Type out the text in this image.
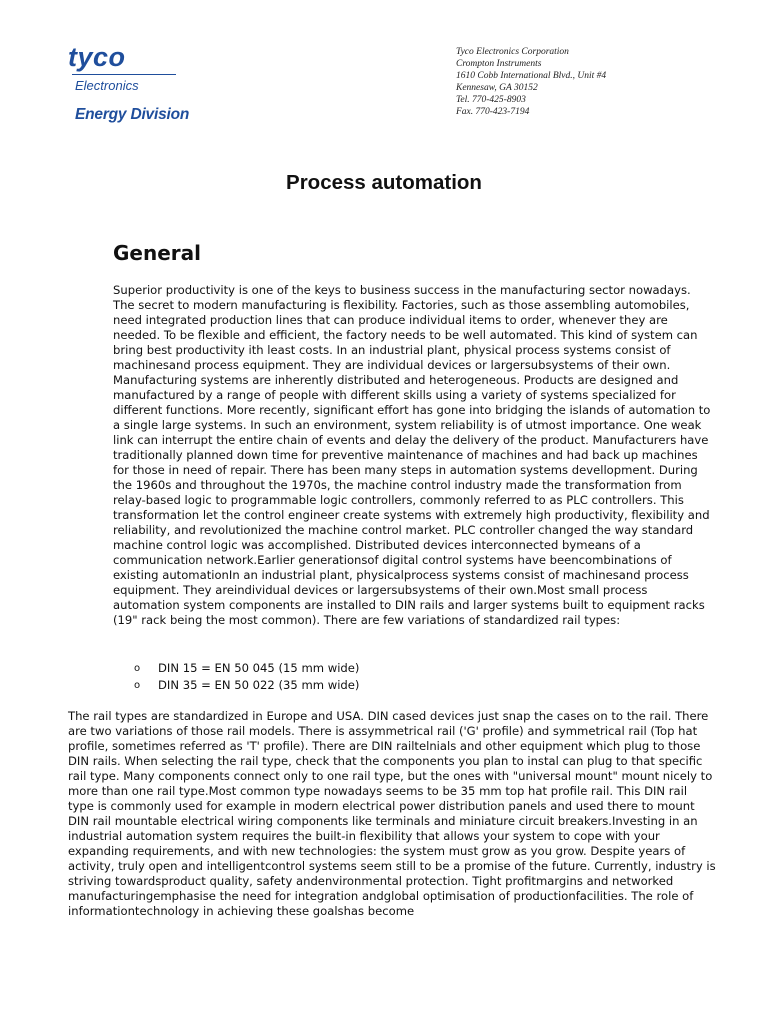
tyco
Electronics
Energy Division
Tyco Electronics Corporation
Crompton Instruments
1610 Cobb International Blvd., Unit #4
Kennesaw, GA 30152
Tel. 770-425-8903
Fax. 770-423-7194
Process automation
General

Superior productivity is one of the keys to business success in the manufacturing sector nowadays. The secret to modern manufacturing is flexibility. Factories, such as those assembling automobiles, need integrated production lines that can produce individual items to order, whenever they are needed. To be flexible and efficient, the factory needs to be well automated. This kind of system can bring best productivity ith least costs. In an industrial plant, physical process systems consist of machinesand process equipment. They are individual devices or largersubsystems of their own. Manufacturing systems are inherently distributed and heterogeneous. Products are designed and manufactured by a range of people with different skills using a variety of systems specialized for different functions. More recently, significant effort has gone into bridging the islands of automation to a single large systems. In such an environment, system reliability is of utmost importance. One weak link can interrupt the entire chain of events and delay the delivery of the product. Manufacturers have traditionally planned down time for preventive maintenance of machines and had back up machines for those in need of repair. There has been many steps in automation systems devellopment. During the 1960s and throughout the 1970s, the machine control industry made the transformation from relay-based logic to programmable logic controllers, commonly referred to as PLC controllers. This transformation let the control engineer create systems with extremely high productivity, flexibility and reliability, and revolutionized the machine control market. PLC controller changed the way standard machine control logic was accomplished. Distributed devices interconnected bymeans of a communication network.Earlier generationsof digital control systems have beencombinations of existing automationIn an industrial plant, physicalprocess systems consist of machinesand process equipment. They areindividual devices or largersubsystems of their own.Most small process automation system components are installed to DIN rails and larger systems built to equipment racks (19" rack being the most common). There are few variations of standardized rail types:

o DIN 15 = EN 50 045 (15 mm wide)
o DIN 35 = EN 50 022 (35 mm wide)

The rail types are standardized in Europe and USA. DIN cased devices just snap the cases on to the rail. There are two variations of those rail models. There is assymmetrical rail ('G' profile) and symmetrical rail (Top hat profile, sometimes referred as 'T' profile). There are DIN railtelnials and other equipment which plug to those DIN rails. When selecting the rail type, check that the components you plan to instal can plug to that specific rail type. Many components connect only to one rail type, but the ones with "universal mount" mount nicely to more than one rail type.Most common type nowadays seems to be 35 mm top hat profile rail. This DIN rail type is commonly used for example in modern electrical power distribution panels and used there to mount DIN rail mountable electrical wiring components like terminals and miniature circuit breakers.Investing in an industrial automation system requires the built-in flexibility that allows your system to cope with your expanding requirements, and with new technologies: the system must grow as you grow. Despite years of activity, truly open and intelligentcontrol systems seem still to be a promise of the future. Currently, industry is striving towardsproduct quality, safety andenvironmental protection. Tight profitmargins and networked manufacturingemphasise the need for integration andglobal optimisation of productionfacilities. The role of informationtechnology in achieving these goalshas become
